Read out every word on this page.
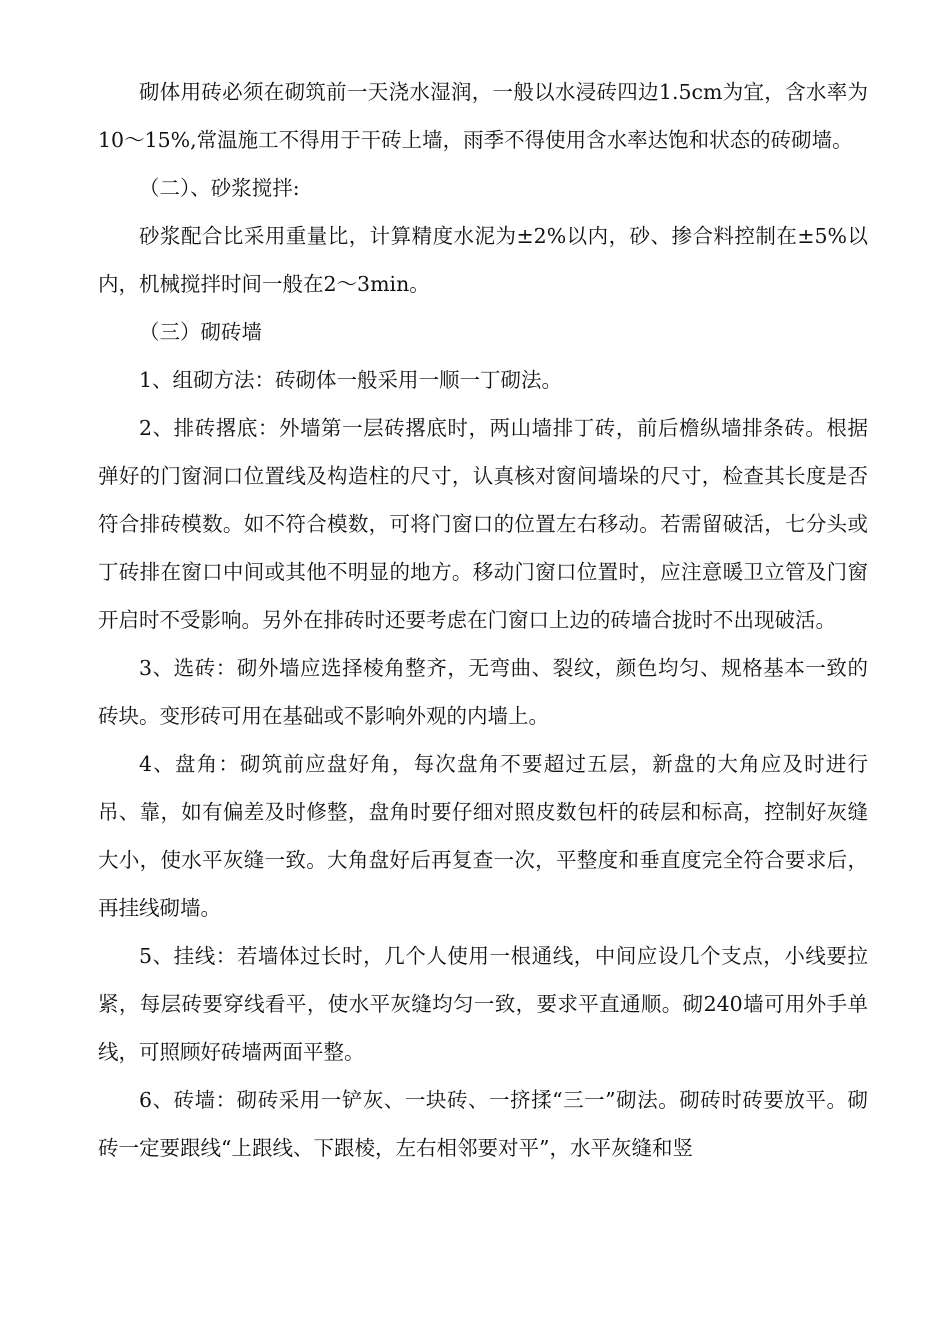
砌体用砖必须在砌筑前一天浇水湿润，一般以水浸砖四边1.5cm为宜，含水率为10～15%,常温施工不得用于干砖上墙，雨季不得使用含水率达饱和状态的砖砌墙。

（二）、砂浆搅拌:

砂浆配合比采用重量比，计算精度水泥为±2%以内，砂、掺合料控制在±5%以内，机械搅拌时间一般在2～3min。

（三）砌砖墙

1、组砌方法：砖砌体一般采用一顺一丁砌法。

2、排砖撂底：外墙第一层砖撂底时，两山墙排丁砖，前后檐纵墙排条砖。根据弹好的门窗洞口位置线及构造柱的尺寸，认真核对窗间墙垛的尺寸，检查其长度是否符合排砖模数。如不符合模数，可将门窗口的位置左右移动。若需留破活，七分头或丁砖排在窗口中间或其他不明显的地方。移动门窗口位置时，应注意暖卫立管及门窗开启时不受影响。另外在排砖时还要考虑在门窗口上边的砖墙合拢时不出现破活。

3、选砖：砌外墙应选择棱角整齐，无弯曲、裂纹，颜色均匀、规格基本一致的砖块。变形砖可用在基础或不影响外观的内墙上。

4、盘角：砌筑前应盘好角，每次盘角不要超过五层，新盘的大角应及时进行吊、靠，如有偏差及时修整，盘角时要仔细对照皮数包杆的砖层和标高，控制好灰缝大小，使水平灰缝一致。大角盘好后再复查一次，平整度和垂直度完全符合要求后，再挂线砌墙。

5、挂线：若墙体过长时，几个人使用一根通线，中间应设几个支点，小线要拉紧，每层砖要穿线看平，使水平灰缝均匀一致，要求平直通顺。砌240墙可用外手单线，可照顾好砖墙两面平整。

6、砖墙：砌砖采用一铲灰、一块砖、一挤揉“三一”砌法。砌砖时砖要放平。砌砖一定要跟线“上跟线、下跟棱，左右相邻要对平”，水平灰缝和竖
